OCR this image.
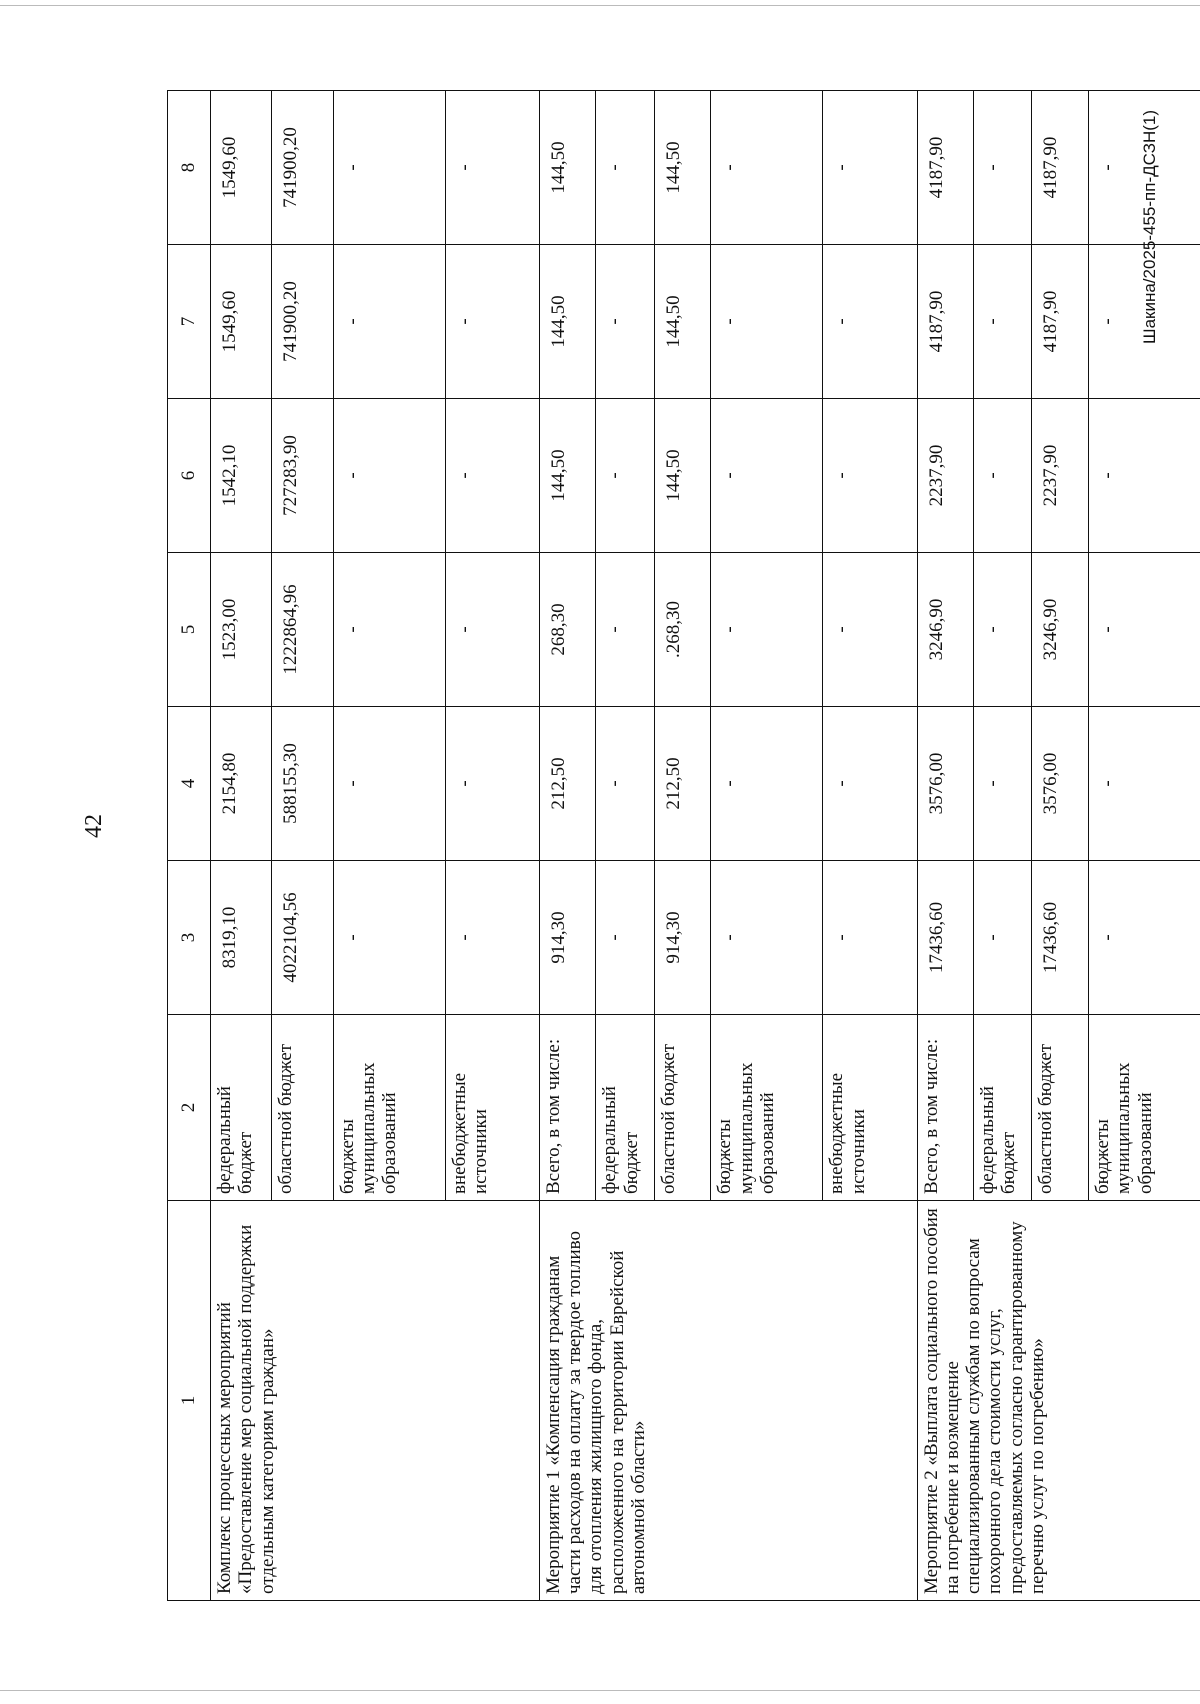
42
Шакина/2025-455-пп-ДСЗН(1)
1	2	3	4	5	6	7	8
Комплекс процессных мероприятий «Предоставление мер социальной поддержки отдельным категориям граждан»	федеральный бюджет	8319,10	2154,80	1523,00	1542,10	1549,60	1549,60
	областной бюджет	4022104,56	588155,30	1222864,96	727283,90	741900,20	741900,20
	бюджеты муниципальных образований	-	-	-	-	-	-
	внебюджетные источники	-	-	-	-	-	-
Мероприятие 1 «Компенсация гражданам части расходов на оплату за твердое топливо для отопления жилищного фонда, расположенного на территории Еврейской автономной области»	Всего, в том числе:	914,30	212,50	268,30	144,50	144,50	144,50
	федеральный бюджет	-	-	-	-	-	-
	областной бюджет	914,30	212,50	.268,30	144,50	144,50	144,50
	бюджеты муниципальных образований	-	-	-	-	-	-
	внебюджетные источники	-	-	-	-	-	-
Мероприятие 2 «Выплата социального пособия на погребение и возмещение специализированным службам по вопросам похоронного дела стоимости услуг, предоставляемых согласно гарантированному перечню услуг по погребению»	Всего, в том числе:	17436,60	3576,00	3246,90	2237,90	4187,90	4187,90
	федеральный бюджет	-	-	-	-	-	-
	областной бюджет	17436,60	3576,00	3246,90	2237,90	4187,90	4187,90
	бюджеты муниципальных образований	-	-	-	-	-	-
